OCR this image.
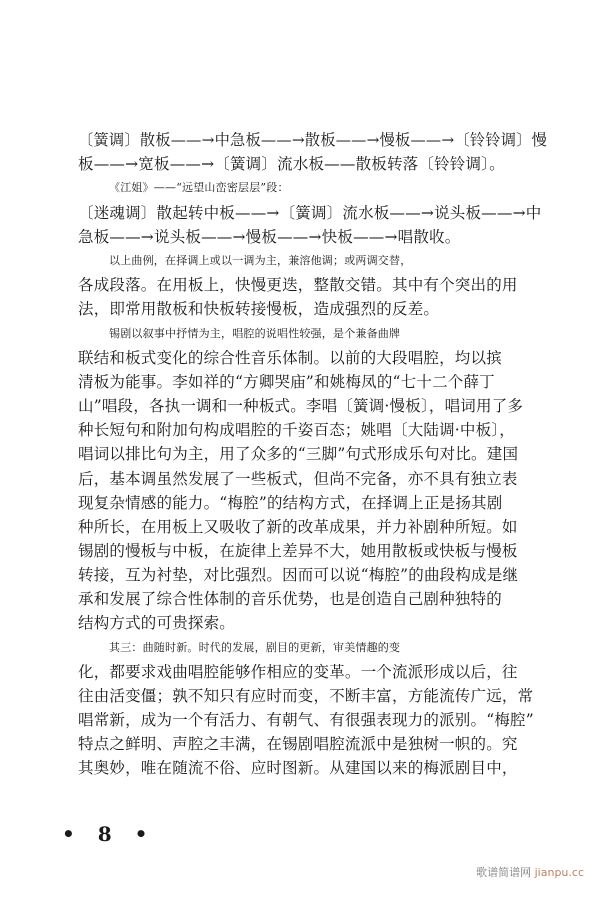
〔簧调〕散板——→中急板——→散板——→慢板——→〔铃铃调〕慢
板——→宽板——→〔簧调〕流水板——散板转落〔铃铃调〕。
《江姐》——“远望山峦密层层”段：
〔迷魂调〕散起转中板——→〔簧调〕流水板——→说头板——→中
急板——→说头板——→慢板——→快板——→唱散收。
以上曲例，在择调上或以一调为主，兼溶他调；或两调交替，
各成段落。在用板上，快慢更迭，整散交错。其中有个突出的用
法，即常用散板和快板转接慢板，造成强烈的反差。
锡剧以叙事中抒情为主，唱腔的说唱性较强，是个兼备曲牌
联结和板式变化的综合性音乐体制。以前的大段唱腔，均以摈
清板为能事。李如祥的“方卿哭庙”和姚梅凤的“七十二个薛丁
山”唱段，各执一调和一种板式。李唱〔簧调·慢板〕，唱词用了多
种长短句和附加句构成唱腔的千姿百态；姚唱〔大陆调·中板〕，
唱词以排比句为主，用了众多的“三脚”句式形成乐句对比。建国
后，基本调虽然发展了一些板式，但尚不完备，亦不具有独立表
现复杂情感的能力。“梅腔”的结构方式，在择调上正是扬其剧
种所长，在用板上又吸收了新的改革成果，并力补剧种所短。如
锡剧的慢板与中板，在旋律上差异不大，她用散板或快板与慢板
转接，互为衬垫，对比强烈。因而可以说“梅腔”的曲段构成是继
承和发展了综合性体制的音乐优势，也是创造自己剧种独特的
结构方式的可贵探索。
其三：曲随时新。时代的发展，剧目的更新，审美情趣的变
化，都要求戏曲唱腔能够作相应的变革。一个流派形成以后，往
往由活变僵；孰不知只有应时而变，不断丰富，方能流传广远，常
唱常新，成为一个有活力、有朝气、有很强表现力的派别。“梅腔”
特点之鲜明、声腔之丰满，在锡剧唱腔流派中是独树一帜的。究
其奥妙，唯在随流不俗、应时图新。从建国以来的梅派剧目中，
• 8 •
歌谱简谱网 jianpu.cc
